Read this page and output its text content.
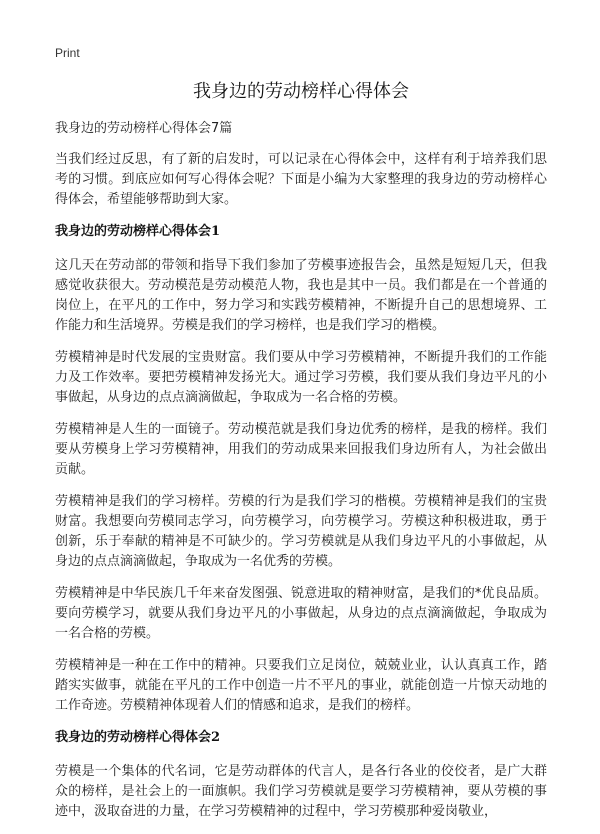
Print
我身边的劳动榜样心得体会

我身边的劳动榜样心得体会7篇

当我们经过反思，有了新的启发时，可以记录在心得体会中，这样有利于培养我们思考的习惯。到底应如何写心得体会呢？下面是小编为大家整理的我身边的劳动榜样心得体会，希望能够帮助到大家。

我身边的劳动榜样心得体会1

这几天在劳动部的带领和指导下我们参加了劳模事迹报告会，虽然是短短几天，但我感觉收获很大。劳动模范是劳动模范人物，我也是其中一员。我们都是在一个普通的岗位上，在平凡的工作中，努力学习和实践劳模精神，不断提升自己的思想境界、工作能力和生活境界。劳模是我们的学习榜样，也是我们学习的楷模。

劳模精神是时代发展的宝贵财富。我们要从中学习劳模精神，不断提升我们的工作能力及工作效率。要把劳模精神发扬光大。通过学习劳模，我们要从我们身边平凡的小事做起，从身边的点点滴滴做起，争取成为一名合格的劳模。

劳模精神是人生的一面镜子。劳动模范就是我们身边优秀的榜样，是我的榜样。我们要从劳模身上学习劳模精神，用我们的劳动成果来回报我们身边所有人，为社会做出贡献。

劳模精神是我们的学习榜样。劳模的行为是我们学习的楷模。劳模精神是我们的宝贵财富。我想要向劳模同志学习，向劳模学习，向劳模学习。劳模这种积极进取，勇于创新，乐于奉献的精神是不可缺少的。学习劳模就是从我们身边平凡的小事做起，从身边的点点滴滴做起，争取成为一名优秀的劳模。

劳模精神是中华民族几千年来奋发图强、锐意进取的精神财富，是我们的*优良品质。要向劳模学习，就要从我们身边平凡的小事做起，从身边的点点滴滴做起，争取成为一名合格的劳模。

劳模精神是一种在工作中的精神。只要我们立足岗位，兢兢业业，认认真真工作，踏踏实实做事，就能在平凡的工作中创造一片不平凡的事业，就能创造一片惊天动地的工作奇迹。劳模精神体现着人们的情感和追求，是我们的榜样。

我身边的劳动榜样心得体会2

劳模是一个集体的代名词，它是劳动群体的代言人，是各行各业的佼佼者，是广大群众的榜样，是社会上的一面旗帜。我们学习劳模就是要学习劳模精神，要从劳模的事迹中，汲取奋进的力量，在学习劳模精神的过程中，学习劳模那种爱岗敬业，
